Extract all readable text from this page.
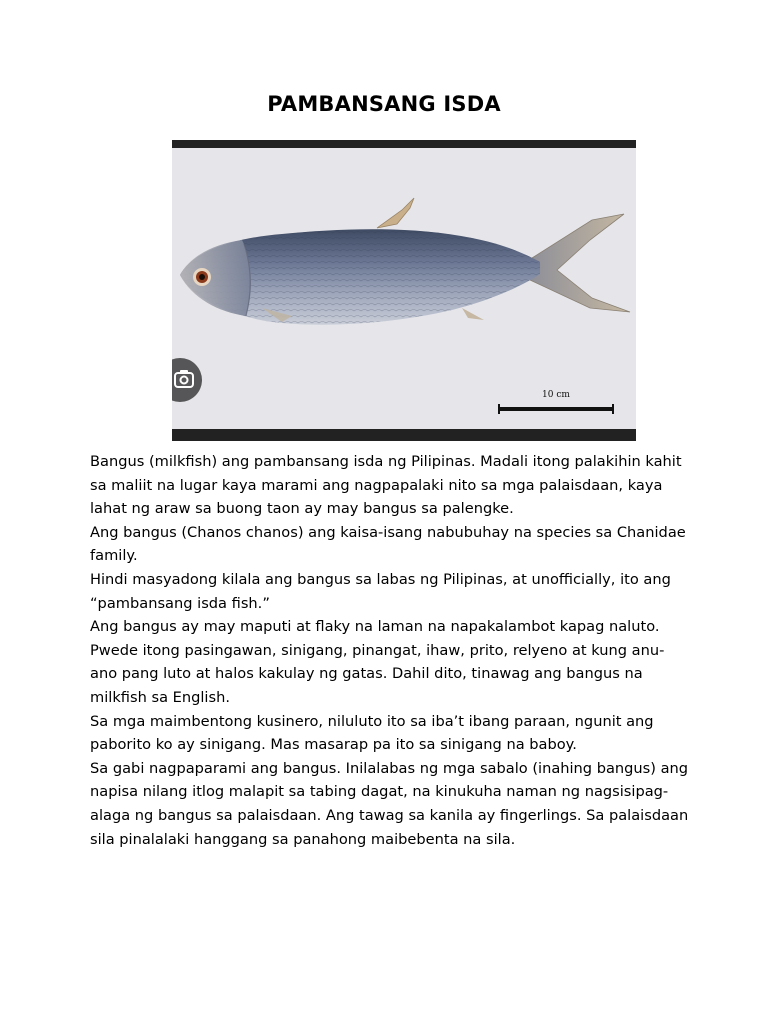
PAMBANSANG ISDA
10 cm

Bangus (milkfish) ang pambansang isda ng Pilipinas. Madali itong palakihin kahit sa maliit na lugar kaya marami ang nagpapalaki nito sa mga palaisdaan, kaya lahat ng araw sa buong taon ay may bangus sa palengke.

Ang bangus (Chanos chanos) ang kaisa-isang nabubuhay na species sa Chanidae family.

Hindi masyadong kilala ang bangus sa labas ng Pilipinas, at unofficially, ito ang “pambansang isda fish.”

Ang bangus ay may maputi at flaky na laman na napakalambot kapag naluto. Pwede itong pasingawan, sinigang, pinangat, ihaw, prito, relyeno at kung anu-ano pang luto at halos kakulay ng gatas. Dahil dito, tinawag ang bangus na milkfish sa English.

Sa mga maimbentong kusinero, niluluto ito sa iba’t ibang paraan, ngunit ang paborito ko ay sinigang. Mas masarap pa ito sa sinigang na baboy.

Sa gabi nagpaparami ang bangus. Inilalabas ng mga sabalo (inahing bangus) ang napisa nilang itlog malapit sa tabing dagat, na kinukuha naman ng nagsisipag-alaga ng bangus sa palaisdaan. Ang tawag sa kanila ay fingerlings. Sa palaisdaan sila pinalalaki hanggang sa panahong maibebenta na sila.
